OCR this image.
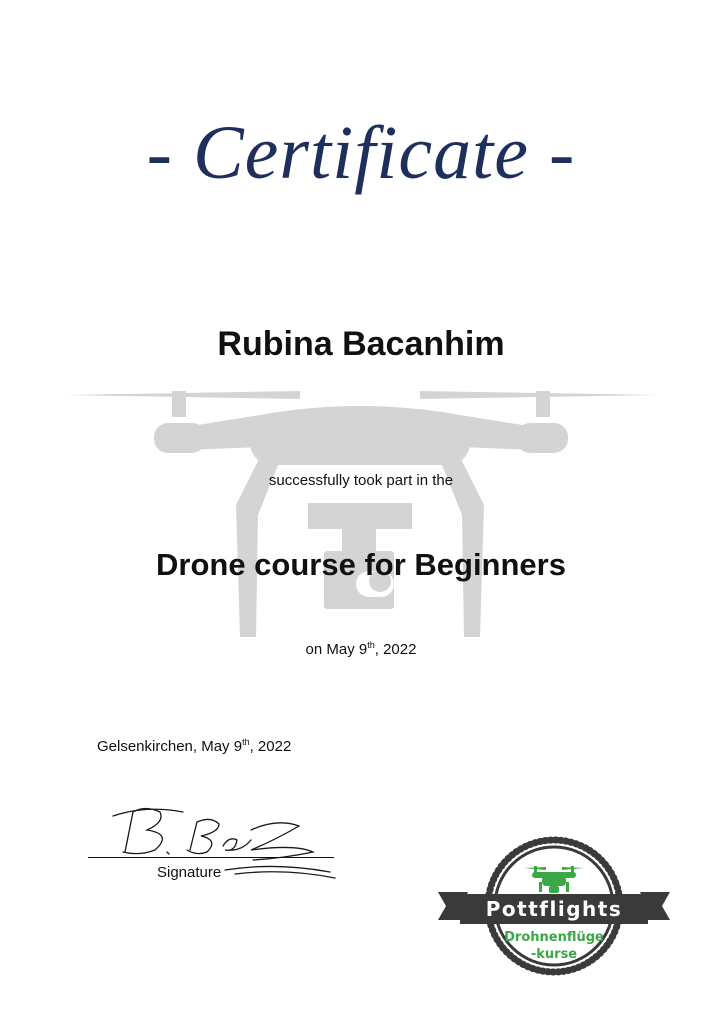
- Certificate -
Rubina Bacanhim
successfully took part in the
Drone course for Beginners
on May 9th, 2022
Gelsenkirchen, May 9th, 2022
Signature
Pottflights
Drohnenflüge
-kurse
